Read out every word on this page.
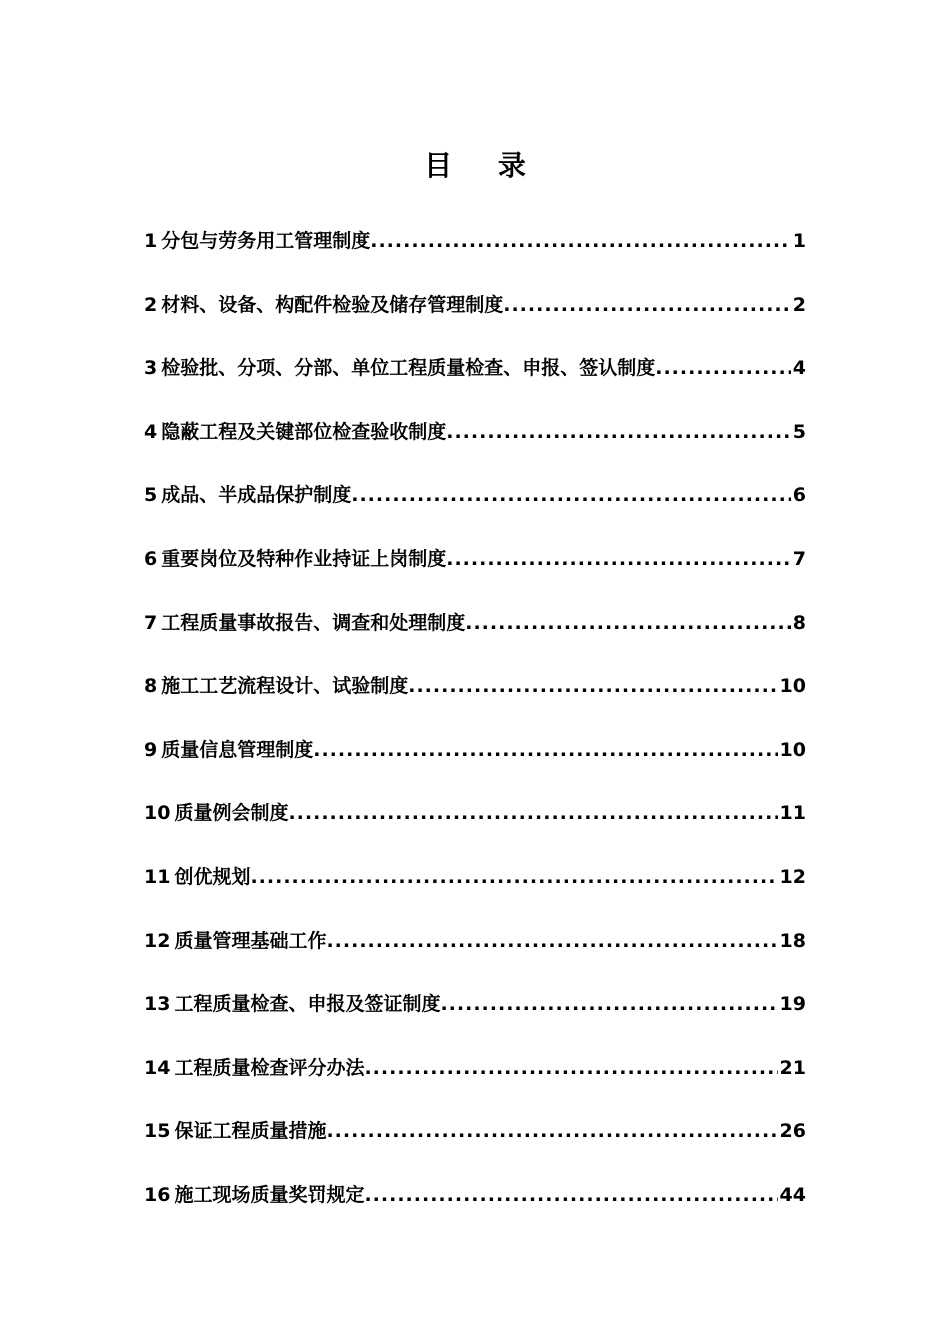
目 录
1 分包与劳务用工管理制度 .....	1
2 材料、设备、构配件检验及储存管理制度 .....	2
3 检验批、分项、分部、单位工程质量检查、申报、签认制度 .....	4
4 隐蔽工程及关键部位检查验收制度 .....	5
5 成品、半成品保护制度 .....	6
6 重要岗位及特种作业持证上岗制度 .....	7
7 工程质量事故报告、调查和处理制度 .....	8
8 施工工艺流程设计、试验制度 .....	10
9 质量信息管理制度 .....	10
10 质量例会制度 .....	11
11 创优规划 .....	12
12 质量管理基础工作 .....	18
13 工程质量检查、申报及签证制度 .....	19
14 工程质量检查评分办法 .....	21
15 保证工程质量措施 .....	26
16 施工现场质量奖罚规定 .....	44
